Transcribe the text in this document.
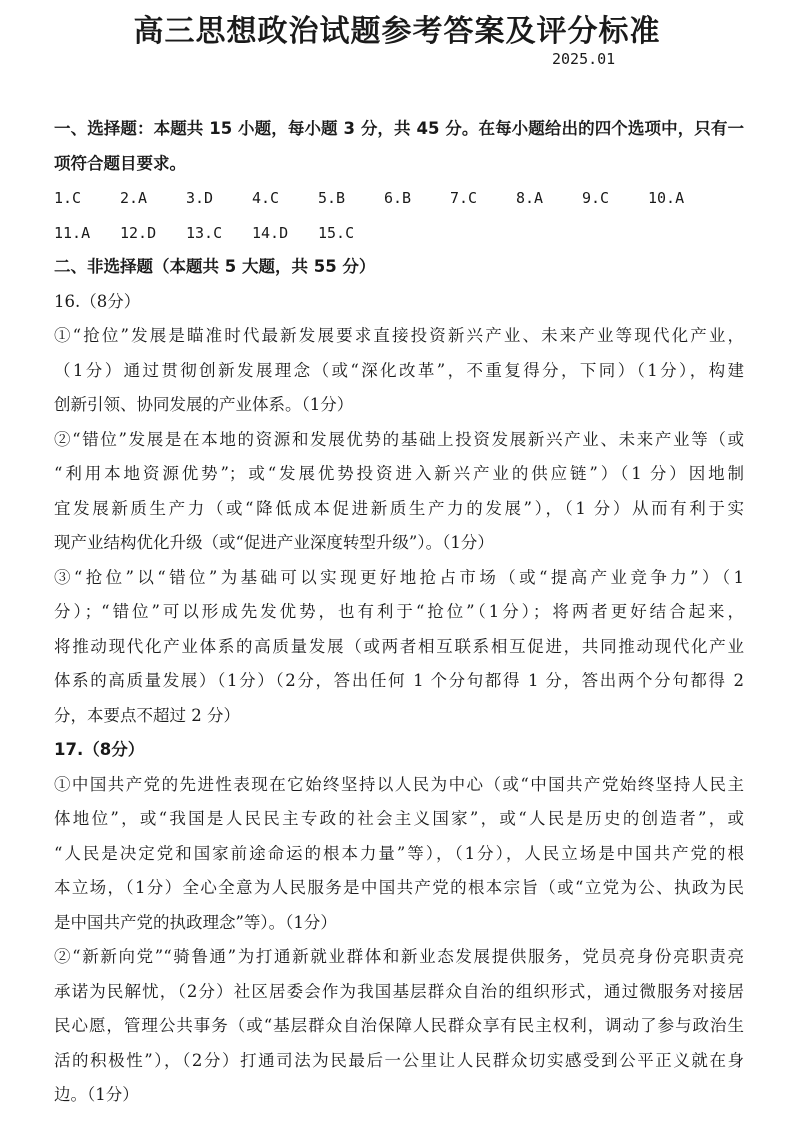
高三思想政治试题参考答案及评分标准
2025.01
一、选择题：本题共 15 小题，每小题 3 分，共 45 分。在每小题给出的四个选项中，只有一
项符合题目要求。
1.C	2.A	3.D	4.C	5.B	6.B	7.C	8.A	9.C	10.A
11.A	12.D	13.C	14.D	15.C
二、非选择题（本题共 5 大题，共 55 分）
16.（8分）
①“抢位”发展是瞄准时代最新发展要求直接投资新兴产业、未来产业等现代化产业，
（1分）通过贯彻创新发展理念（或“深化改革”，不重复得分，下同）（1分），构建
创新引领、协同发展的产业体系。（1分）
②“错位”发展是在本地的资源和发展优势的基础上投资发展新兴产业、未来产业等（或
“利用本地资源优势”；或“发展优势投资进入新兴产业的供应链”）（1 分）因地制
宜发展新质生产力（或“降低成本促进新质生产力的发展”），（1 分）从而有利于实
现产业结构优化升级（或“促进产业深度转型升级”）。（1分）
③“抢位”以“错位”为基础可以实现更好地抢占市场（或“提高产业竞争力”）（1
分）；“错位”可以形成先发优势，也有利于“抢位”（1分）；将两者更好结合起来，
将推动现代化产业体系的高质量发展（或两者相互联系相互促进，共同推动现代化产业
体系的高质量发展）（1分）（2分，答出任何 1 个分句都得 1 分，答出两个分句都得 2
分，本要点不超过 2 分）
17.（8分）
①中国共产党的先进性表现在它始终坚持以人民为中心（或“中国共产党始终坚持人民主
体地位”，或“我国是人民民主专政的社会主义国家”，或“人民是历史的创造者”，或
“人民是决定党和国家前途命运的根本力量”等），（1分），人民立场是中国共产党的根
本立场，（1分）全心全意为人民服务是中国共产党的根本宗旨（或“立党为公、执政为民
是中国共产党的执政理念”等）。（1分）
②“新新向党”“骑鲁通”为打通新就业群体和新业态发展提供服务，党员亮身份亮职责亮
承诺为民解忧，（2分）社区居委会作为我国基层群众自治的组织形式，通过微服务对接居
民心愿，管理公共事务（或“基层群众自治保障人民群众享有民主权利，调动了参与政治生
活的积极性”），（2分）打通司法为民最后一公里让人民群众切实感受到公平正义就在身
边。（1分）
